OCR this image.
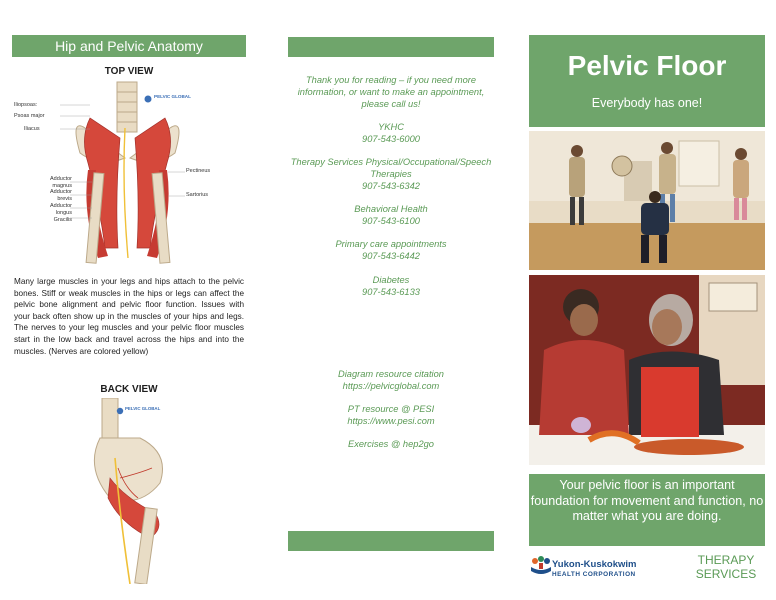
Hip and Pelvic Anatomy
TOP VIEW
PELVIC GLOBAL
Iliopsoas:
Psoas major
Iliacus
Adductor magnus
Adductor brevis
Adductor longus
Gracilis
Pectineus
Sartorius
Many large muscles in your legs and hips attach to the pelvic bones. Stiff or weak muscles in the hips or legs can affect the pelvic bone alignment and pelvic floor function. Issues with your back often show up in the muscles of your hips and legs. The nerves to your leg muscles and your pelvic floor muscles start in the low back and travel across the hips and into the muscles. (Nerves are colored yellow)
BACK VIEW
PELVIC GLOBAL
Thank you for reading – if you need more information, or want to make an appointment, please call us!
YKHC
907-543-6000
Therapy Services Physical/Occupational/Speech Therapies
907-543-6342
Behavioral Health
907-543-6100
Primary care appointments
907-543-6442
Diabetes
907-543-6133
Diagram resource citation
https://pelvicglobal.com
PT resource @ PESI
https://www.pesi.com
Exercises @ hep2go
Pelvic Floor
Everybody has one!
Your pelvic floor is an important foundation for movement and function, no matter what you are doing.
Yukon-Kuskokwim
HEALTH CORPORATION
THERAPY
SERVICES
